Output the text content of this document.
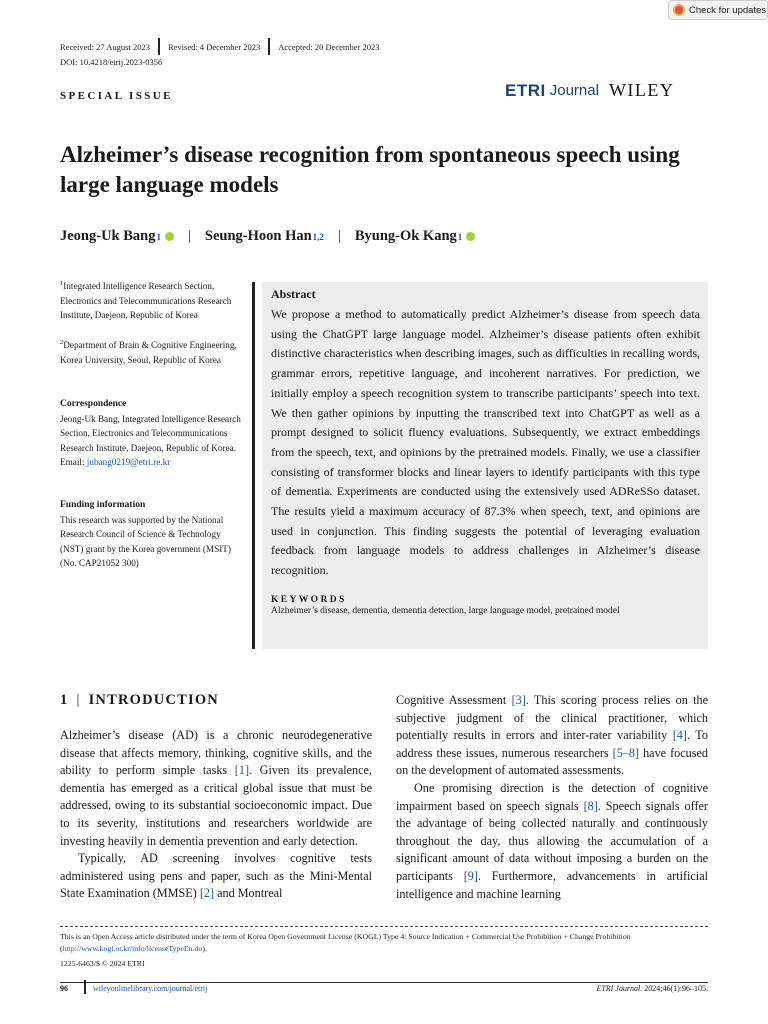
Check for updates
Received: 27 August 2023 Revised: 4 December 2023 Accepted: 20 December 2023
DOI: 10.4218/etrij.2023-0356
SPECIAL ISSUE	ETRI Journal WILEY
Alzheimer’s disease recognition from spontaneous speech using large language models
Jeong-Uk Bang 1 | Seung-Hoon Han 1,2 | Byung-Ok Kang 1
$^1$Integrated Intelligence Research Section, Electronics and Telecommunications Research Institute, Daejeon, Republic of Korea
$^2$Department of Brain & Cognitive Engineering, Korea University, Seoul, Republic of Korea
Correspondence
Jeong-Uk Bang, Integrated Intelligence Research Section, Electronics and Telecommunications Research Institute, Daejeon, Republic of Korea.
Email: jubang0219@etri.re.kr
Funding information
This research was supported by the National Research Council of Science & Technology (NST) grant by the Korea government (MSIT) (No. CAP21052 300)
Abstract

We propose a method to automatically predict Alzheimer’s disease from speech data using the ChatGPT large language model. Alzheimer’s disease patients often exhibit distinctive characteristics when describing images, such as difficulties in recalling words, grammar errors, repetitive language, and incoherent narratives. For prediction, we initially employ a speech recognition system to transcribe participants’ speech into text. We then gather opinions by inputting the transcribed text into ChatGPT as well as a prompt designed to solicit fluency evaluations. Subsequently, we extract embeddings from the speech, text, and opinions by the pretrained models. Finally, we use a classifier consisting of transformer blocks and linear layers to identify participants with this type of dementia. Experiments are conducted using the extensively used ADReSSo dataset. The results yield a maximum accuracy of 87.3% when speech, text, and opinions are used in conjunction. This finding suggests the potential of leveraging evaluation feedback from language models to address challenges in Alzheimer’s disease recognition.

KEYWORDS
Alzheimer’s disease, dementia, dementia detection, large language model, pretrained model
1 | INTRODUCTION

Alzheimer’s disease (AD) is a chronic neurodegenerative disease that affects memory, thinking, cognitive skills, and the ability to perform simple tasks [1]. Given its prevalence, dementia has emerged as a critical global issue that must be addressed, owing to its substantial socioeconomic impact. Due to its severity, institutions and researchers worldwide are investing heavily in dementia prevention and early detection.

Typically, AD screening involves cognitive tests administered using pens and paper, such as the Mini-Mental State Examination (MMSE) [2] and Montreal

Cognitive Assessment [3]. This scoring process relies on the subjective judgment of the clinical practitioner, which potentially results in errors and inter-rater variability [4]. To address these issues, numerous researchers [5–8] have focused on the development of automated assessments.

One promising direction is the detection of cognitive impairment based on speech signals [8]. Speech signals offer the advantage of being collected naturally and continuously throughout the day, thus allowing the accumulation of a significant amount of data without imposing a burden on the participants [9]. Furthermore, advancements in artificial intelligence and machine learning

This is an Open Access article distributed under the term of Korea Open Government License (KOGL) Type 4: Source Indication + Commercial Use Prohibition + Change Prohibition (http://www.kogl.or.kr/info/licenseTypeEn.do).
1225-6463/$ © 2024 ETRI
96	wileyonlinelibrary.com/journal/etrij	ETRI Journal. 2024;46(1):96–105.
